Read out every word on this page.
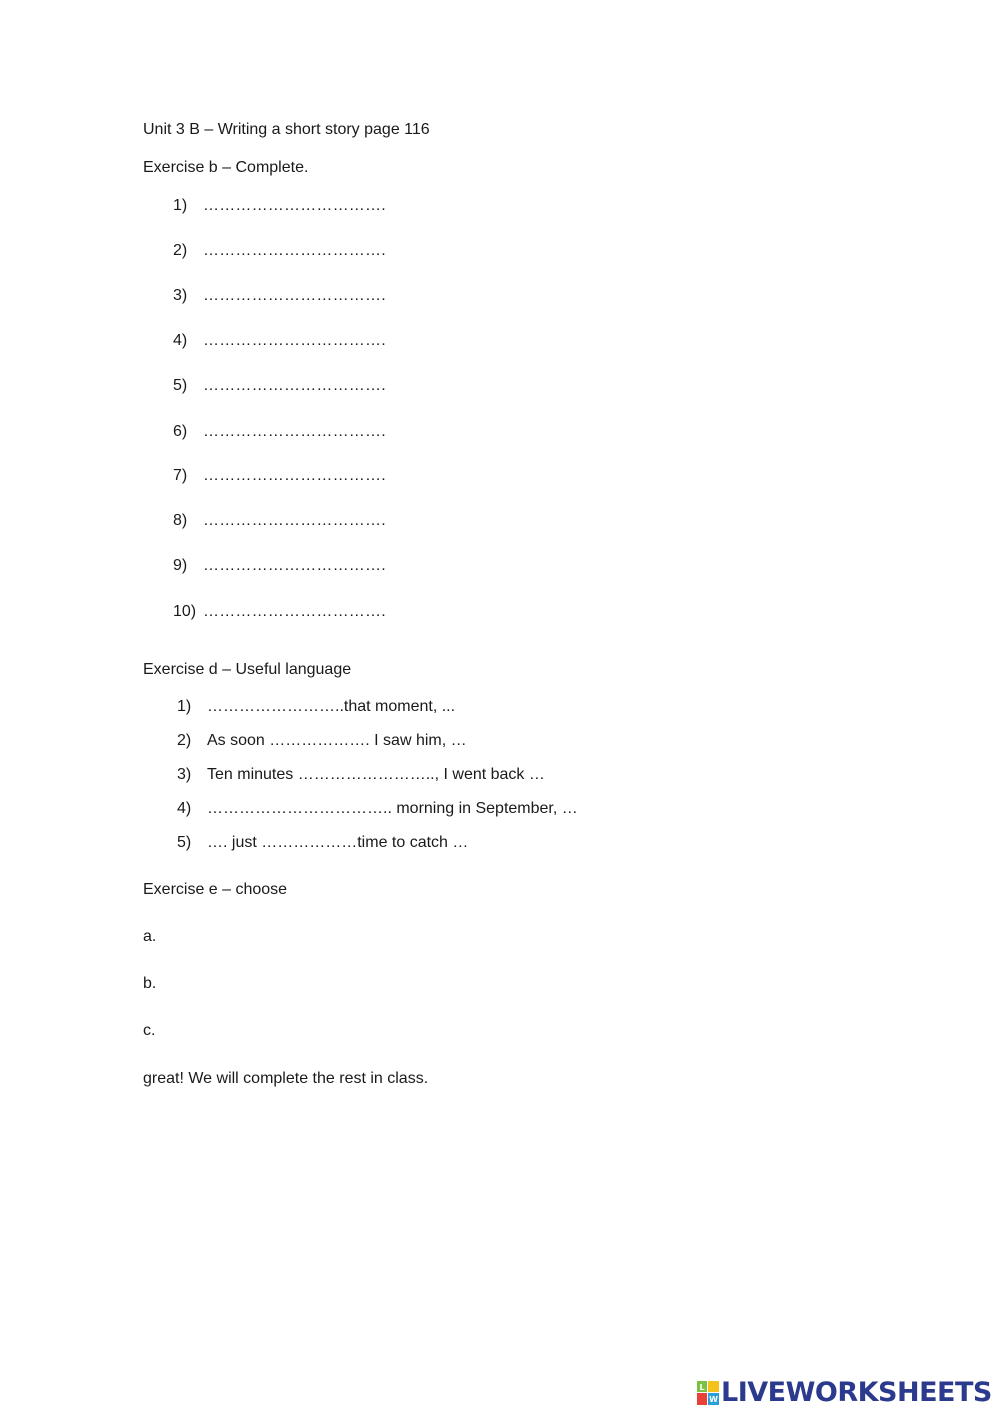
Unit 3 B – Writing a short story page 116
Exercise b – Complete.
1) …………………………….
2) …………………………….
3) …………………………….
4) …………………………….
5) …………………………….
6) …………………………….
7) …………………………….
8) …………………………….
9) …………………………….
10) …………………………….
Exercise d – Useful language
1) ……………………..that moment, ...
2) As soon ………………. I saw him, …
3) Ten minutes …………………….., I went back …
4) …………………………….. morning in September, …
5) …. just ………………time to catch …
Exercise e – choose
a.
b.
c.
great! We will complete the rest in class.
L
W LIVEWORKSHEETS
